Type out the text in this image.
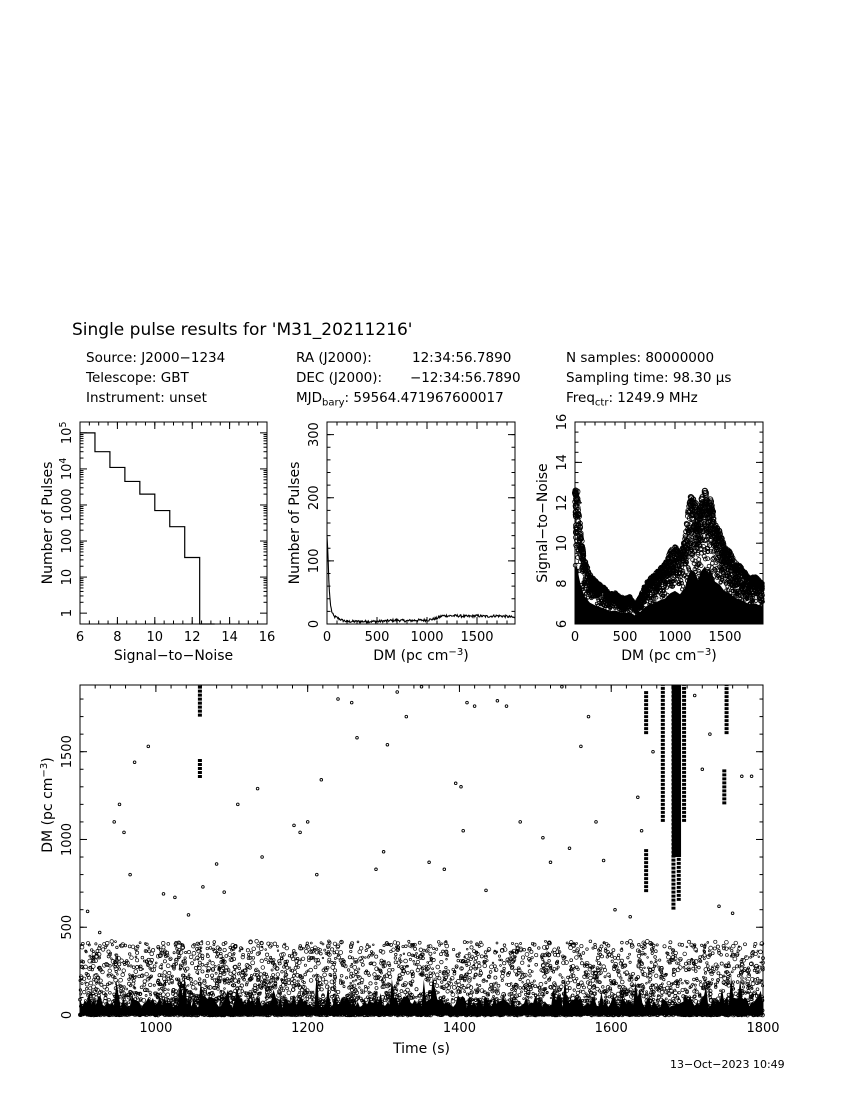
Single pulse results for 'M31_20211216'
Source: J2000−1234
Telescope: GBT
Instrument: unset
RA (J2000):	12:34:56.7890
DEC (J2000): −12:34:56.7890
$MJD_{bary}$: 59564.471967600017
N samples: 80000000
Sampling time: 98.30 μs
Freq$_{ctr}$: 1249.9 MHz
13−Oct−2023 10:49
6 8 10 12 14 16
1
10
100
1000
$10^4$
$10^5$
Signal−to−Noise
Number of Pulses
0	500 1000 1500
0
100
200
300
DM (pc $cm^{-3}$)
Number of Pulses
0	500 1000 1500
6
8
10
12
14
16
DM (pc $cm^{-3}$)
Signal−to−Noise
1000	1200	1400	1600	1800
0
500
1000
1500
Time (s)
DM (pc $cm^{-3}$)
